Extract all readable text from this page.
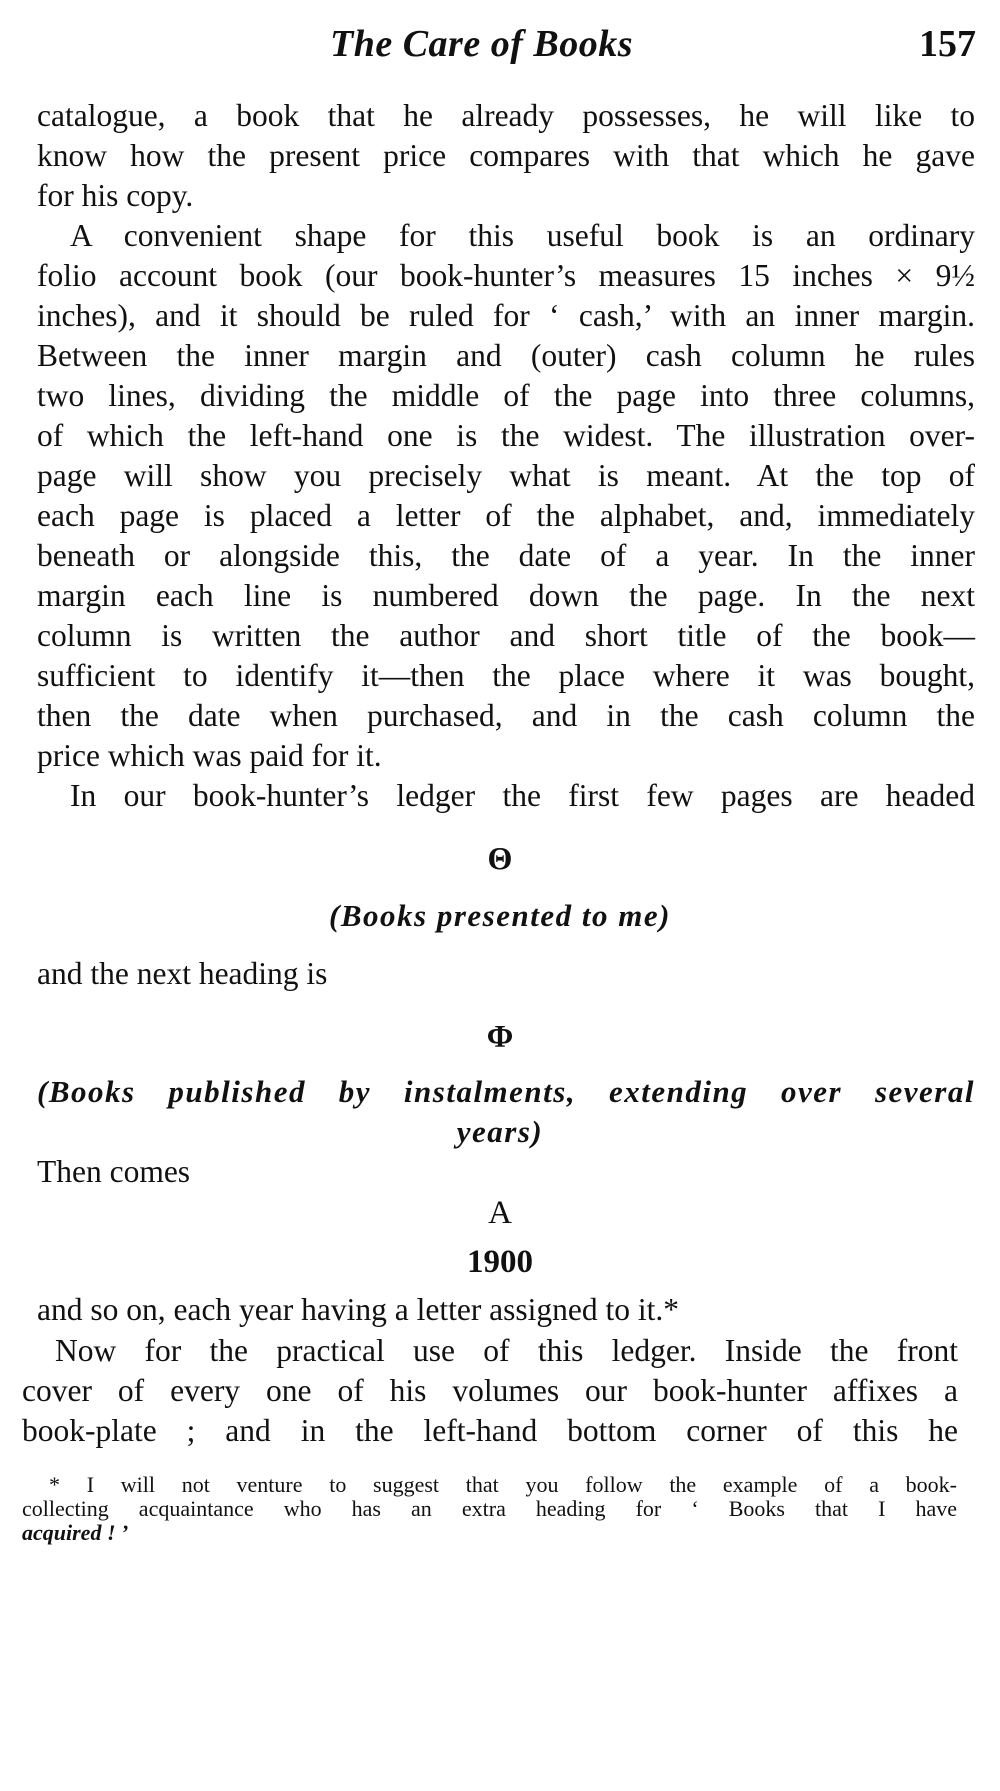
The Care of Books	157
catalogue, a book that he already possesses, he will like to
know how the present price compares with that which he gave
for his copy.
A convenient shape for this useful book is an ordinary
folio account book (our book-hunter’s measures 15 inches × 9½
inches), and it should be ruled for ‘ cash,’ with an inner margin.
Between the inner margin and (outer) cash column he rules
two lines, dividing the middle of the page into three columns,
of which the left-hand one is the widest. The illustration over-
page will show you precisely what is meant. At the top of
each page is placed a letter of the alphabet, and, immediately
beneath or alongside this, the date of a year. In the inner
margin each line is numbered down the page. In the next
column is written the author and short title of the book—
sufficient to identify it—then the place where it was bought,
then the date when purchased, and in the cash column the
price which was paid for it.
In our book-hunter’s ledger the first few pages are headed
Θ
(Books presented to me)
and the next heading is
Φ
(Books published by instalments, extending over several
years)
Then comes
A
1900
and so on, each year having a letter assigned to it.*
Now for the practical use of this ledger. Inside the front
cover of every one of his volumes our book-hunter affixes a
book-plate ; and in the left-hand bottom corner of this he
* I will not venture to suggest that you follow the example of a book-
collecting acquaintance who has an extra heading for ‘ Books that I have
acquired ! ’
